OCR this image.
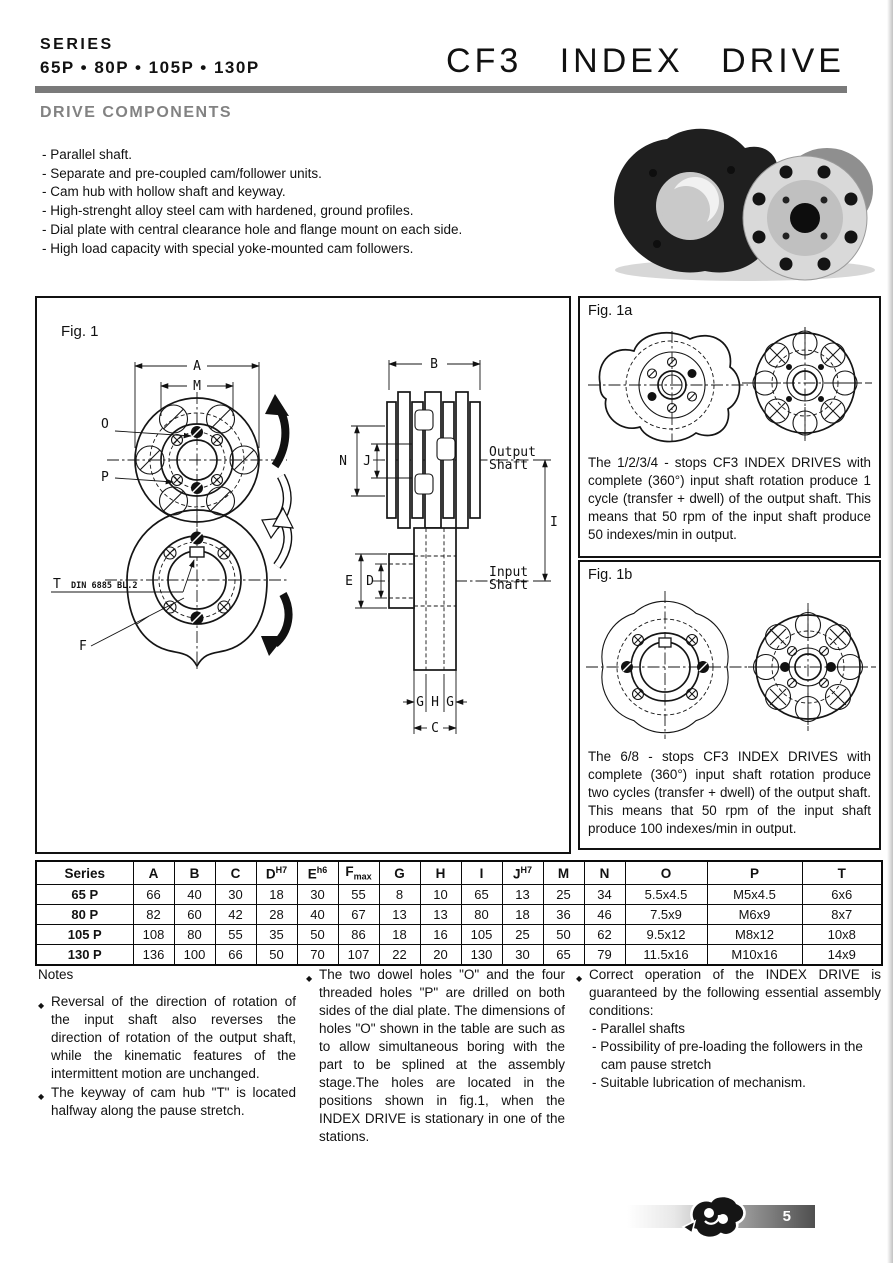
SERIES
65P • 80P • 105P • 130P	CF3 INDEX DRIVE
DRIVE COMPONENTS
- Parallel shaft.
- Separate and pre-coupled cam/follower units.
- Cam hub with hollow shaft and keyway.
- High-strenght alloy steel cam with hardened, ground profiles.
- Dial plate with central clearance hole and flange mount on each side.
- High load capacity with special yoke-mounted cam followers.
Fig. 1
A
M
O
P
T DIN 6885 BL.2
F
B
N J
Output
Shaft
Input
Shaft
I
E D
G H G
C
Fig. 1a
The 1/2/3/4 - stops CF3 INDEX DRIVES with complete (360°) input shaft rotation produce 1 cycle (transfer + dwell) of the output shaft. This means that 50 rpm of the input shaft produce 50 indexes/min in output.
Fig. 1b
The 6/8 - stops CF3 INDEX DRIVES with complete (360°) input shaft rotation produce two cycles (transfer + dwell) of the output shaft. This means that 50 rpm of the input shaft produce 100 indexes/min in output.
Series	A	B	C	$D^{H7}$	$E^{h6}$	$F_{max}$	G	H	I	$J^{H7}$	M	N	O	P	T
65 P	66	40	30	18	30	55	8	10	65	13	25	34	5.5x4.5	M5x4.5	6x6
80 P	82	60	42	28	40	67	13	13	80	18	36	46	7.5x9	M6x9	8x7
105 P	108	80	55	35	50	86	18	16	105	25	50	62	9.5x12	M8x12	10x8
130 P	136	100	66	50	70	107	22	20	130	30	65	79	11.5x16	M10x16	14x9
Notes
◆ Reversal of the direction of rotation of the input shaft also reverses the direction of rotation of the output shaft, while the kinematic features of the intermittent motion are unchanged.
◆ The keyway of cam hub "T" is located halfway along the pause stretch.
◆ The two dowel holes "O" and the four threaded holes "P" are drilled on both sides of the dial plate. The dimensions of holes "O" shown in the table are such as to allow simultaneous boring with the part to be splined at the assembly stage.The holes are located in the positions shown in fig.1, when the INDEX DRIVE is stationary in one of the stations.
◆ Correct operation of the INDEX DRIVE is guaranteed by the following essential assembly conditions:
- Parallel shafts
- Possibility of pre-loading the followers in the cam pause stretch
- Suitable lubrication of mechanism.
5
